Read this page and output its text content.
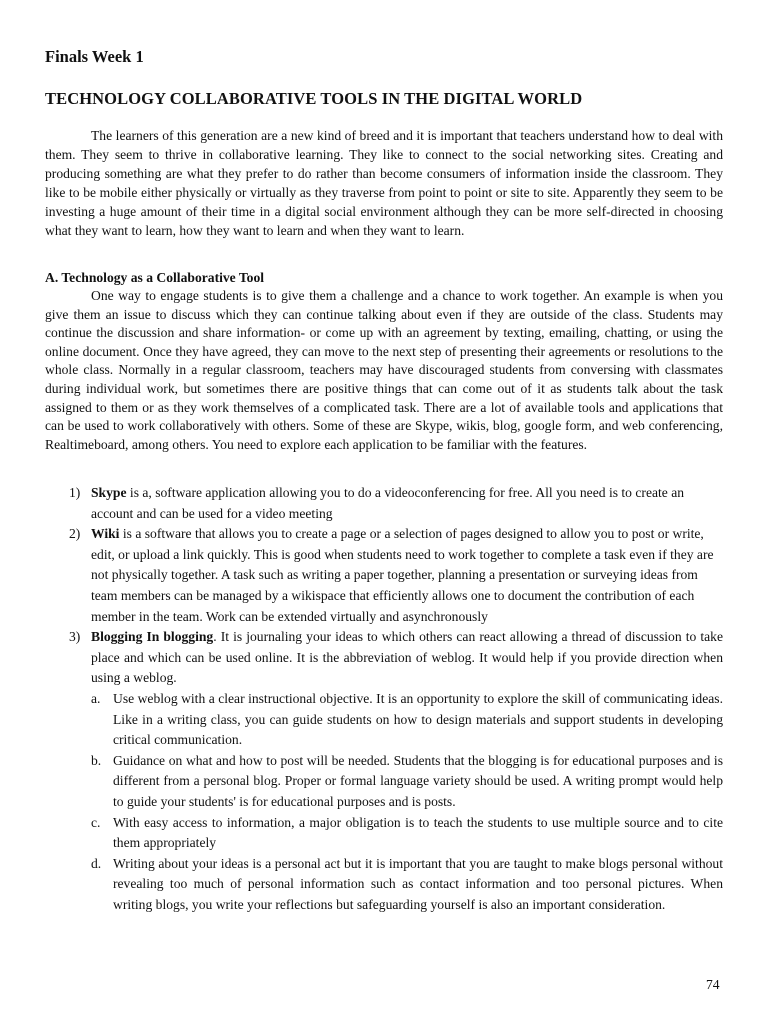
Finals Week 1
TECHNOLOGY COLLABORATIVE TOOLS IN THE DIGITAL WORLD

The learners of this generation are a new kind of breed and it is important that teachers understand how to deal with them. They seem to thrive in collaborative learning. They like to connect to the social networking sites. Creating and producing something are what they prefer to do rather than become consumers of information inside the classroom. They like to be mobile either physically or virtually as they traverse from point to point or site to site. Apparently they seem to be investing a huge amount of their time in a digital social environment although they can be more self-directed in choosing what they want to learn, how they want to learn and when they want to learn.

A. Technology as a Collaborative Tool

One way to engage students is to give them a challenge and a chance to work together. An example is when you give them an issue to discuss which they can continue talking about even if they are outside of the class. Students may continue the discussion and share information- or come up with an agreement by texting, emailing, chatting, or using the online document. Once they have agreed, they can move to the next step of presenting their agreements or resolutions to the whole class. Normally in a regular classroom, teachers may have discouraged students from conversing with classmates during individual work, but sometimes there are positive things that can come out of it as students talk about the task assigned to them or as they work themselves of a complicated task. There are a lot of available tools and applications that can be used to work collaboratively with others. Some of these are Skype, wikis, blog, google form, and web conferencing, Realtimeboard, among others. You need to explore each application to be familiar with the features.

1) Skype is a, software application allowing you to do a videoconferencing for free. All you need is to create an account and can be used for a video meeting

2) Wiki is a software that allows you to create a page or a selection of pages designed to allow you to post or write, edit, or upload a link quickly. This is good when students need to work together to complete a task even if they are not physically together. A task such as writing a paper together, planning a presentation or surveying ideas from team members can be managed by a wikispace that efficiently allows one to document the contribution of each member in the team. Work can be extended virtually and asynchronously

3) Blogging In blogging. It is journaling your ideas to which others can react allowing a thread of discussion to take place and which can be used online. It is the abbreviation of weblog. It would help if you provide direction when using a weblog.

a. Use weblog with a clear instructional objective. It is an opportunity to explore the skill of communicating ideas. Like in a writing class, you can guide students on how to design materials and support students in developing critical communication.
b. Guidance on what and how to post will be needed. Students that the blogging is for educational purposes and is different from a personal blog. Proper or formal language variety should be used. A writing prompt would help to guide your students' is for educational purposes and is posts.
c. With easy access to information, a major obligation is to teach the students to use multiple source and to cite them appropriately
d. Writing about your ideas is a personal act but it is important that you are taught to make blogs personal without revealing too much of personal information such as contact information and too personal pictures. When writing blogs, you write your reflections but safeguarding yourself is also an important consideration.
74
